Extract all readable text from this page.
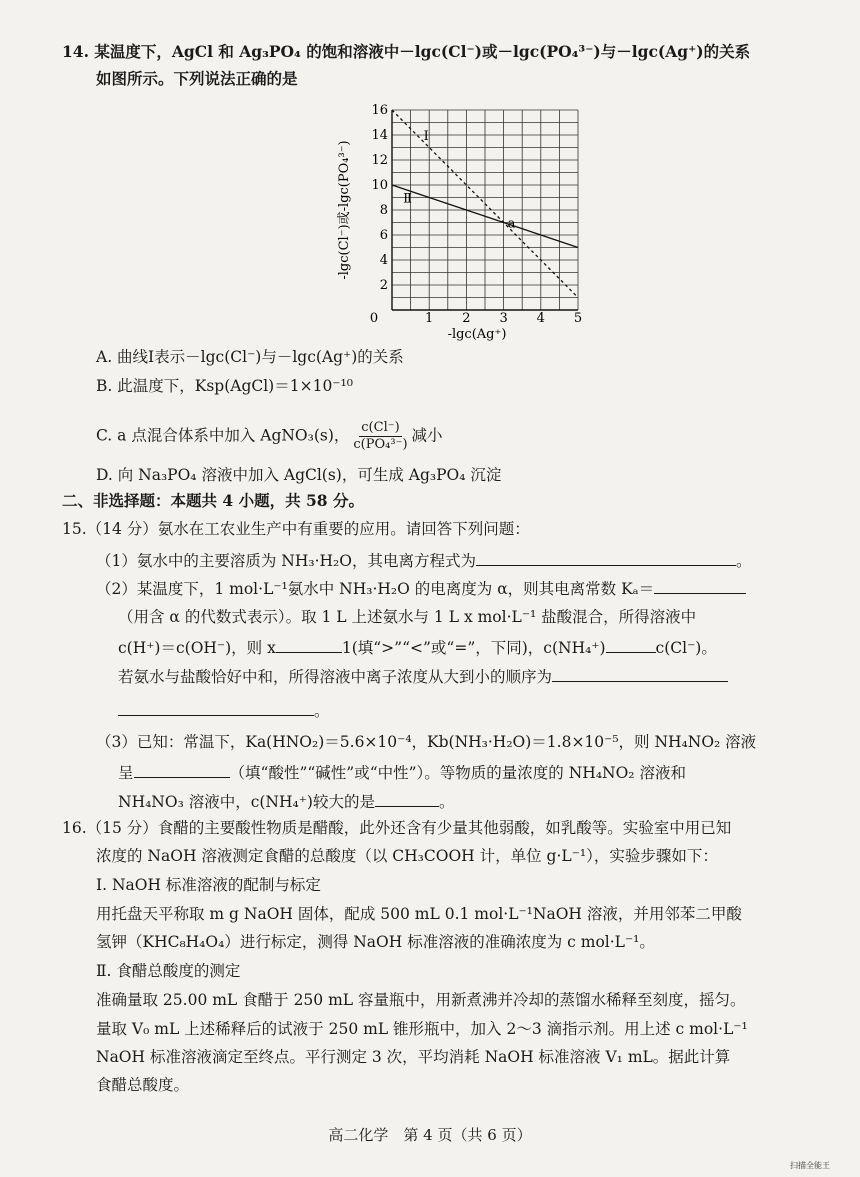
14. 某温度下，AgCl 和 Ag₃PO₄ 的饱和溶液中－lgc(Cl⁻)或－lgc(PO₄³⁻)与－lgc(Ag⁺)的关系
如图所示。下列说法正确的是
0	1 2 3 4 5
2
4
6
8
10
12
14
16
-lgc(Ag⁺)
-lgc(Cl⁻)或-lgc(PO₄³⁻)
Ⅰ
Ⅱ
a
A. 曲线Ⅰ表示－lgc(Cl⁻)与－lgc(Ag⁺)的关系
B. 此温度下，Ksp(AgCl)＝1×10⁻¹⁰
C. a 点混合体系中加入 AgNO₃(s)， $\frac{c(Cl^-)}{\text{c(PO₄³⁻)}}$ 减小
D. 向 Na₃PO₄ 溶液中加入 AgCl(s)，可生成 Ag₃PO₄ 沉淀
二、非选择题：本题共 4 小题，共 58 分。
15.（14 分）氨水在工农业生产中有重要的应用。请回答下列问题：
（1）氨水中的主要溶质为 NH₃·H₂O，其电离方程式为	。
（2）某温度下，1 mol·L⁻¹氨水中 NH₃·H₂O 的电离度为 α，则其电离常数 Kₐ＝
（用含 α 的代数式表示）。取 1 L 上述氨水与 1 L x mol·L⁻¹ 盐酸混合，所得溶液中
c(H⁺)＝c(OH⁻)，则 x	1(填“>”“<”或“=”，下同)，c(NH₄⁺)	c(Cl⁻)。
若氨水与盐酸恰好中和，所得溶液中离子浓度从大到小的顺序为
。
（3）已知：常温下，Ka(HNO₂)＝5.6×10⁻⁴，Kb(NH₃·H₂O)＝1.8×10⁻⁵，则 NH₄NO₂ 溶液
呈	（填“酸性”“碱性”或“中性”）。等物质的量浓度的 NH₄NO₂ 溶液和
NH₄NO₃ 溶液中，c(NH₄⁺)较大的是	。
16.（15 分）食醋的主要酸性物质是醋酸，此外还含有少量其他弱酸，如乳酸等。实验室中用已知
浓度的 NaOH 溶液测定食醋的总酸度（以 CH₃COOH 计，单位 g·L⁻¹），实验步骤如下：
Ⅰ. NaOH 标准溶液的配制与标定
用托盘天平称取 m g NaOH 固体，配成 500 mL 0.1 mol·L⁻¹NaOH 溶液，并用邻苯二甲酸
氢钾（KHC₈H₄O₄）进行标定，测得 NaOH 标准溶液的准确浓度为 c mol·L⁻¹。
Ⅱ. 食醋总酸度的测定
准确量取 25.00 mL 食醋于 250 mL 容量瓶中，用新煮沸并冷却的蒸馏水稀释至刻度，摇匀。
量取 V₀ mL 上述稀释后的试液于 250 mL 锥形瓶中，加入 2～3 滴指示剂。用上述 c mol·L⁻¹
NaOH 标准溶液滴定至终点。平行测定 3 次，平均消耗 NaOH 标准溶液 V₁ mL。据此计算
食醋总酸度。
高二化学　第 4 页（共 6 页）
扫描全能王
